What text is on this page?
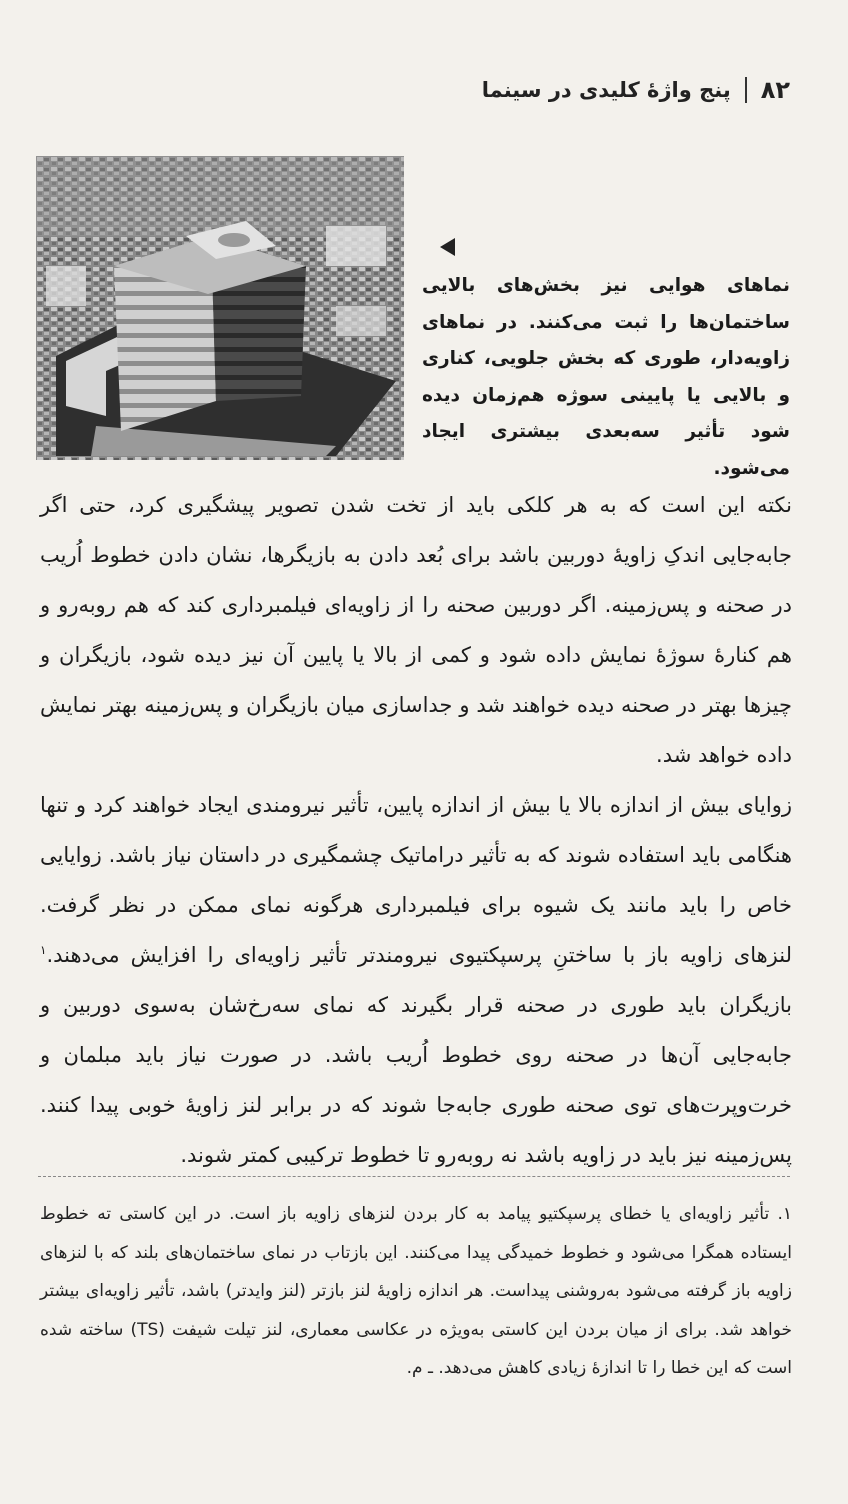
۸۲
پنج واژهٔ کلیدی در سینما
نماهای هوایی نیز بخش‌های بالایی ساختمان‌ها را ثبت می‌کنند. در نماهای زاویه‌دار، طوری که بخش جلویی، کناری و بالایی یا پایینی سوژه هم‌زمان دیده شود تأثیر سه‌بعدی بیشتری ایجاد می‌شود.

نکته این است که به هر کلکی باید از تخت شدن تصویر پیشگیری کرد، حتی اگر جابه‌جایی اندکِ زاویهٔ دوربین باشد برای بُعد دادن به بازیگرها، نشان دادن خطوط اُریب در صحنه و پس‌زمینه. اگر دوربین صحنه را از زاویه‌ای فیلمبرداری کند که هم روبه‌رو و هم کنار‌هٔ سوژهٔ نمایش داده شود و کمی از بالا یا پایین آن نیز دیده شود، بازیگران و چیزها بهتر در صحنه دیده خواهند شد و جداسازی میان بازیگران و پس‌زمینه بهتر نمایش داده خواهد شد.

زوایای بیش از اندازه بالا یا بیش از اندازه پایین، تأثیر نیرومندی ایجاد خواهند کرد و تنها هنگامی باید استفاده شوند که به تأثیر دراماتیک چشمگیری در داستان نیاز باشد. زوایایی خاص را باید مانند یک شیوه برای فیلمبرداری هرگونه نمای ممکن در نظر گرفت. لنزهای زاویه باز با ساختنِ پرسپکتیوی نیرومندتر تأثیر زاویه‌ای را افزایش می‌دهند.$^۱$ بازیگران باید طوری در صحنه قرار بگیرند که نمای سه‌رخ‌شان به‌سوی دوربین و جابه‌جایی آن‌ها در صحنه روی خطوط اُریب باشد. در صورت نیاز باید مبلمان و خرت‌وپرت‌های توی صحنه طوری جابه‌جا شوند که در برابر لنز زاویهٔ خوبی پیدا کنند. پس‌زمینه نیز باید در زاویه باشد نه روبه‌رو تا خطوط ترکیبی کمتر شوند.

۱. تأثیر زاویه‌ای یا خطای پرسپکتیو پیامد به کار بردن لنزهای زاویه باز است. در این کاستی ته خطوط ایستاده همگرا می‌شود و خطوط خمیدگی پیدا می‌کنند. این بازتاب در نمای ساختمان‌های بلند که با لنزهای زاویه باز گرفته می‌شود به‌روشنی پیداست. هر اندازه زاویهٔ لنز بازتر (لنز وایدتر) باشد، تأثیر زاویه‌ای بیشتر خواهد شد. برای از میان بردن این کاستی به‌ویژه در عکاسی معماری، لنز تیلت شیفت (TS) ساخته شده است که این خطا را تا اندازهٔ زیادی کاهش می‌دهد. ـ م.
